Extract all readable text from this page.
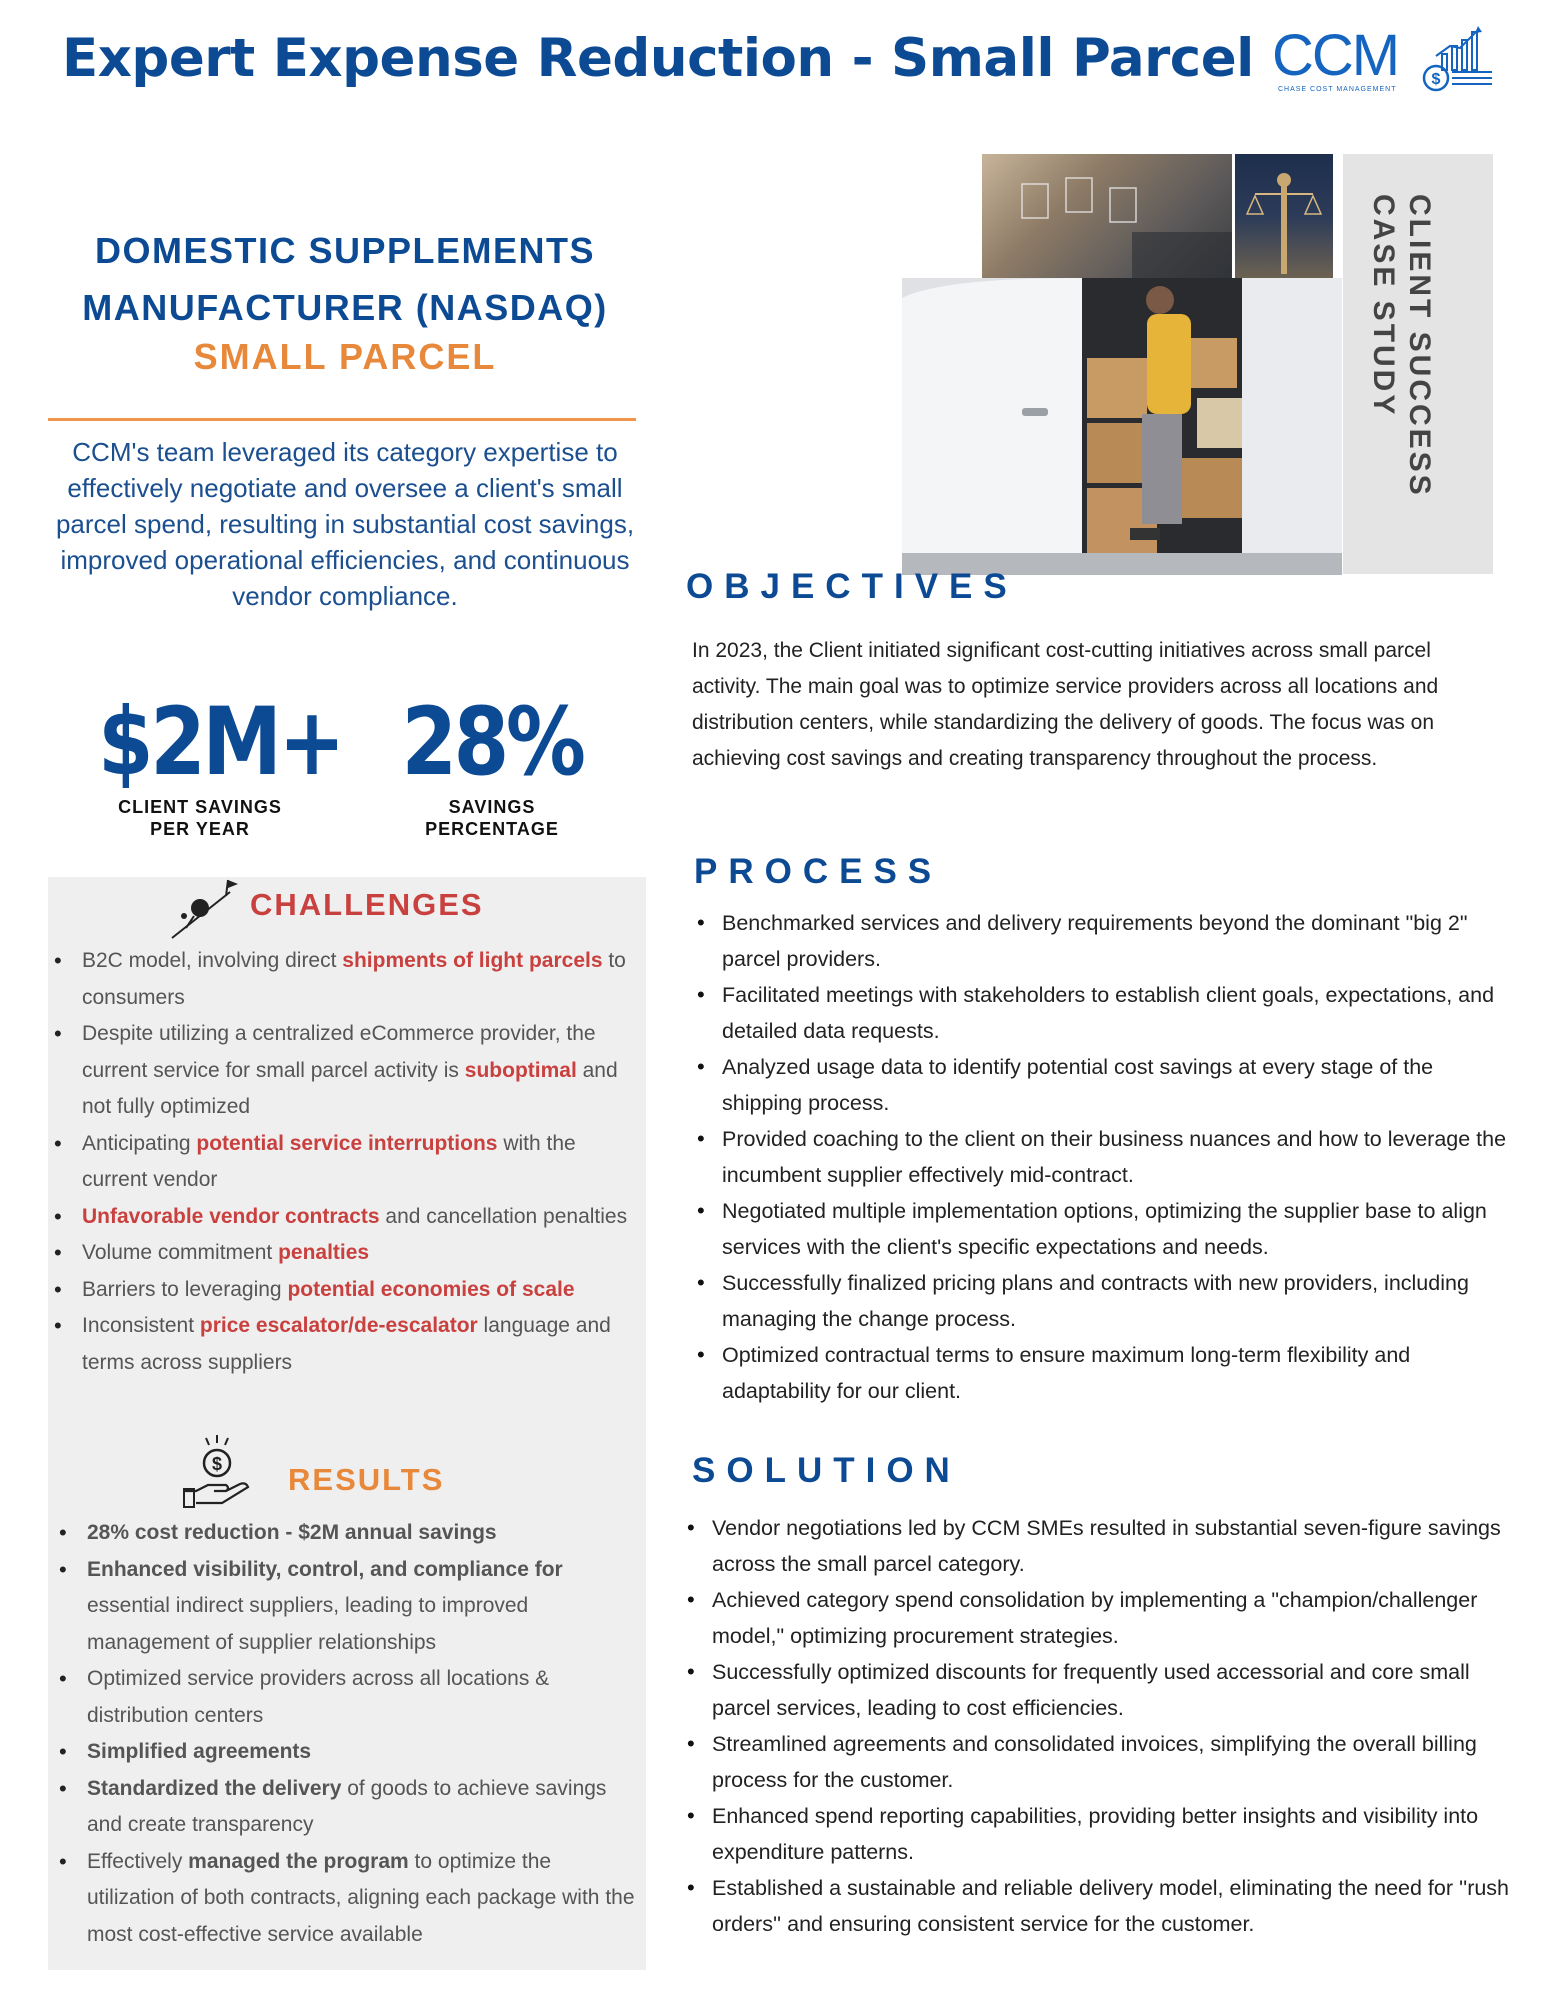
Expert Expense Reduction - Small Parcel CCM
CHASE COST MANAGEMENT
$
DOMESTIC SUPPLEMENTS
MANUFACTURER (NASDAQ)
SMALL PARCEL
CCM's team leveraged its category expertise to effectively negotiate and oversee a client's small parcel spend, resulting in substantial cost savings, improved operational efficiencies, and continuous vendor compliance.
$2M+
CLIENT SAVINGS
PER YEAR
28%
SAVINGS
PERCENTAGE
CHALLENGES
• B2C model, involving direct shipments of light parcels to consumers
• Despite utilizing a centralized eCommerce provider, the current service for small parcel activity is suboptimal and not fully optimized
• Anticipating potential service interruptions with the current vendor
• Unfavorable vendor contracts and cancellation penalties
• Volume commitment penalties
• Barriers to leveraging potential economies of scale
• Inconsistent price escalator/de-escalator language and terms across suppliers
$ RESULTS
• 28% cost reduction - $2M annual savings
• Enhanced visibility, control, and compliance for essential indirect suppliers, leading to improved management of supplier relationships
• Optimized service providers across all locations & distribution centers
• Simplified agreements
• Standardized the delivery of goods to achieve savings and create transparency
• Effectively managed the program to optimize the utilization of both contracts, aligning each package with the most cost-effective service available
CLIENT SUCCESS CASE STUDY
OBJECTIVES
In 2023, the Client initiated significant cost-cutting initiatives across small parcel activity. The main goal was to optimize service providers across all locations and distribution centers, while standardizing the delivery of goods. The focus was on achieving cost savings and creating transparency throughout the process.
PROCESS
• Benchmarked services and delivery requirements beyond the dominant "big 2" parcel providers.
• Facilitated meetings with stakeholders to establish client goals, expectations, and detailed data requests.
• Analyzed usage data to identify potential cost savings at every stage of the shipping process.
• Provided coaching to the client on their business nuances and how to leverage the incumbent supplier effectively mid-contract.
• Negotiated multiple implementation options, optimizing the supplier base to align services with the client's specific expectations and needs.
• Successfully finalized pricing plans and contracts with new providers, including managing the change process.
• Optimized contractual terms to ensure maximum long-term flexibility and adaptability for our client.
SOLUTION
• Vendor negotiations led by CCM SMEs resulted in substantial seven-figure savings across the small parcel category.
• Achieved category spend consolidation by implementing a "champion/challenger model," optimizing procurement strategies.
• Successfully optimized discounts for frequently used accessorial and core small parcel services, leading to cost efficiencies.
• Streamlined agreements and consolidated invoices, simplifying the overall billing process for the customer.
• Enhanced spend reporting capabilities, providing better insights and visibility into expenditure patterns.
• Established a sustainable and reliable delivery model, eliminating the need for ''rush orders'' and ensuring consistent service for the customer.
